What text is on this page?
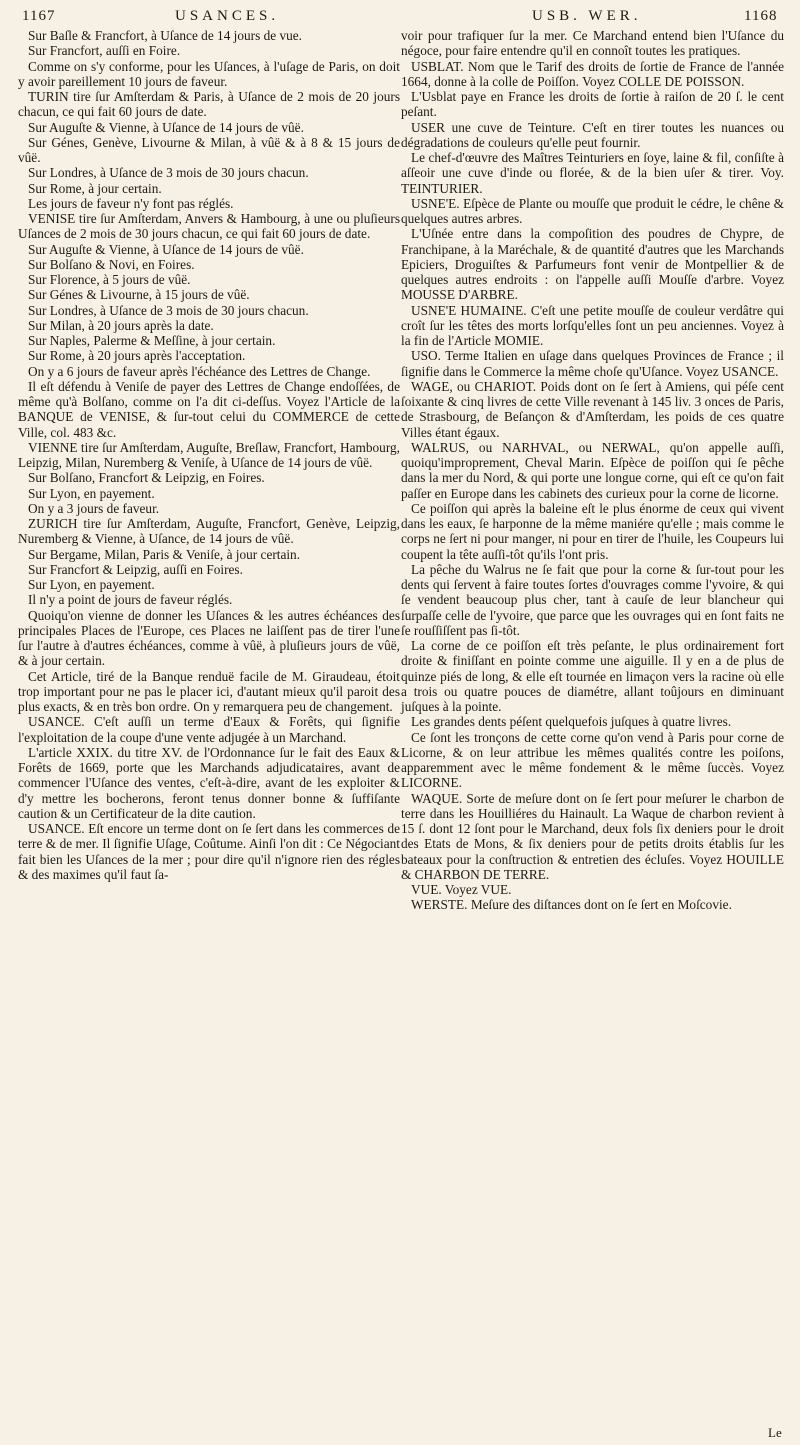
1167	USANCES.	USB. WER.	1168

Sur Baſle & Francfort, à Uſance de 14 jours de vue.

Sur Francfort, auſſi en Foire.

Comme on s'y conforme, pour les Uſances, à l'uſage de Paris, on doit y avoir pareillement 10 jours de faveur.

TURIN tire ſur Amſterdam & Paris, à Uſance de 2 mois de 20 jours chacun, ce qui fait 60 jours de date.

Sur Auguſte & Vienne, à Uſance de 14 jours de vûë.

Sur Génes, Genève, Livourne & Milan, à vûë & à 8 & 15 jours de vûë.

Sur Londres, à Uſance de 3 mois de 30 jours chacun.

Sur Rome, à jour certain.

Les jours de faveur n'y font pas réglés.

VENISE tire ſur Amſterdam, Anvers & Hambourg, à une ou pluſieurs Uſances de 2 mois de 30 jours chacun, ce qui fait 60 jours de date.

Sur Auguſte & Vienne, à Uſance de 14 jours de vûë.

Sur Bolſano & Novi, en Foires.

Sur Florence, à 5 jours de vûë.

Sur Génes & Livourne, à 15 jours de vûë.

Sur Londres, à Uſance de 3 mois de 30 jours chacun.

Sur Milan, à 20 jours après la date.

Sur Naples, Palerme & Meſſine, à jour certain.

Sur Rome, à 20 jours après l'acceptation.

On y a 6 jours de faveur après l'échéance des Lettres de Change.

Il eſt défendu à Veniſe de payer des Lettres de Change endoſſées, de même qu'à Bolſano, comme on l'a dit ci-deſſus. Voyez l'Article de la BANQUE de VENISE, & ſur-tout celui du COMMERCE de cette Ville, col. 483 &c.

VIENNE tire ſur Amſterdam, Auguſte, Breſlaw, Francfort, Hambourg, Leipzig, Milan, Nuremberg & Veniſe, à Uſance de 14 jours de vûë.

Sur Bolſano, Francfort & Leipzig, en Foires.

Sur Lyon, en payement.

On y a 3 jours de faveur.

ZURICH tire ſur Amſterdam, Auguſte, Francfort, Genève, Leipzig, Nuremberg & Vienne, à Uſance, de 14 jours de vûë.

Sur Bergame, Milan, Paris & Veniſe, à jour certain.

Sur Francfort & Leipzig, auſſi en Foires.

Sur Lyon, en payement.

Il n'y a point de jours de faveur réglés.

Quoiqu'on vienne de donner les Uſances & les autres échéances des principales Places de l'Europe, ces Places ne laiſſent pas de tirer l'une ſur l'autre à d'autres échéances, comme à vûë, à pluſieurs jours de vûë, & à jour certain.

Cet Article, tiré de la Banque renduë facile de M. Giraudeau, étoit trop important pour ne pas le placer ici, d'autant mieux qu'il paroit des plus exacts, & en très bon ordre. On y remarquera peu de changement.

USANCE. C'eſt auſſi un terme d'Eaux & Forêts, qui ſignifie l'exploitation de la coupe d'une vente adjugée à un Marchand.

L'article XXIX. du titre XV. de l'Ordonnance ſur le fait des Eaux & Forêts de 1669, porte que les Marchands adjudicataires, avant de commencer l'Uſance des ventes, c'eſt-à-dire, avant de les exploiter & d'y mettre les bocherons, feront tenus donner bonne & ſuffiſante caution & un Certificateur de la dite caution.

USANCE. Eſt encore un terme dont on ſe ſert dans les commerces de terre & de mer. Il ſignifie Uſage, Coûtume. Ainſi l'on dit : Ce Négociant fait bien les Uſances de la mer ; pour dire qu'il n'ignore rien des régles & des maximes qu'il faut ſa-

voir pour trafiquer ſur la mer. Ce Marchand entend bien l'Uſance du négoce, pour faire entendre qu'il en connoît toutes les pratiques.

USBLAT. Nom que le Tarif des droits de ſortie de France de l'année 1664, donne à la colle de Poiſſon. Voyez COLLE DE POISSON.

L'Usblat paye en France les droits de ſortie à raiſon de 20 ſ. le cent peſant.

USER une cuve de Teinture. C'eſt en tirer toutes les nuances ou dégradations de couleurs qu'elle peut fournir.

Le chef-d'œuvre des Maîtres Teinturiers en ſoye, laine & fil, conſiſte à aſſeoir une cuve d'inde ou florée, & de la bien uſer & tirer. Voy. TEINTURIER.

USNE'E. Eſpèce de Plante ou mouſſe que produit le cédre, le chêne & quelques autres arbres.

L'Uſnée entre dans la compoſition des poudres de Chypre, de Franchipane, à la Maréchale, & de quantité d'autres que les Marchands Epiciers, Droguiſtes & Parfumeurs font venir de Montpellier & de quelques autres endroits : on l'appelle auſſi Mouſſe d'arbre. Voyez MOUSSE D'ARBRE.

USNE'E HUMAINE. C'eſt une petite mouſſe de couleur verdâtre qui croît ſur les têtes des morts lorſqu'elles ſont un peu anciennes. Voyez à la fin de l'Article MOMIE.

USO. Terme Italien en uſage dans quelques Provinces de France ; il ſignifie dans le Commerce la même choſe qu'Uſance. Voyez USANCE.

WAGE, ou CHARIOT. Poids dont on ſe ſert à Amiens, qui péſe cent ſoixante & cinq livres de cette Ville revenant à 145 liv. 3 onces de Paris, de Strasbourg, de Beſançon & d'Amſterdam, les poids de ces quatre Villes étant égaux.

WALRUS, ou NARHVAL, ou NERWAL, qu'on appelle auſſi, quoiqu'improprement, Cheval Marin. Eſpèce de poiſſon qui ſe pêche dans la mer du Nord, & qui porte une longue corne, qui eſt ce qu'on fait paſſer en Europe dans les cabinets des curieux pour la corne de licorne.

Ce poiſſon qui après la baleine eſt le plus énorme de ceux qui vivent dans les eaux, ſe harponne de la même maniére qu'elle ; mais comme le corps ne ſert ni pour manger, ni pour en tirer de l'huile, les Coupeurs lui coupent la tête auſſi-tôt qu'ils l'ont pris.

La pêche du Walrus ne ſe fait que pour la corne & ſur-tout pour les dents qui ſervent à faire toutes ſortes d'ouvrages comme l'yvoire, & qui ſe vendent beaucoup plus cher, tant à cauſe de leur blancheur qui ſurpaſſe celle de l'yvoire, que parce que les ouvrages qui en ſont faits ne ſe rouſſiſſent pas ſi-tôt.

La corne de ce poiſſon eſt très peſante, le plus ordinairement fort droite & finiſſant en pointe comme une aiguille. Il y en a de plus de quinze piés de long, & elle eſt tournée en limaçon vers la racine où elle a trois ou quatre pouces de diamétre, allant toûjours en diminuant juſques à la pointe.

Les grandes dents péſent quelquefois juſques à quatre livres.

Ce ſont les tronçons de cette corne qu'on vend à Paris pour corne de Licorne, & on leur attribue les mêmes qualités contre les poiſons, apparemment avec le même fondement & le même ſuccès. Voyez LICORNE.

WAQUE. Sorte de meſure dont on ſe ſert pour meſurer le charbon de terre dans les Houilliéres du Hainault. La Waque de charbon revient à 15 ſ. dont 12 ſont pour le Marchand, deux fols ſix deniers pour le droit des Etats de Mons, & ſix deniers pour de petits droits établis ſur les bateaux pour la conſtruction & entretien des écluſes. Voyez HOUILLE & CHARBON DE TERRE.

VUE. Voyez VUE.

WERSTE. Meſure des diſtances dont on ſe ſert en Moſcovie.

Le
